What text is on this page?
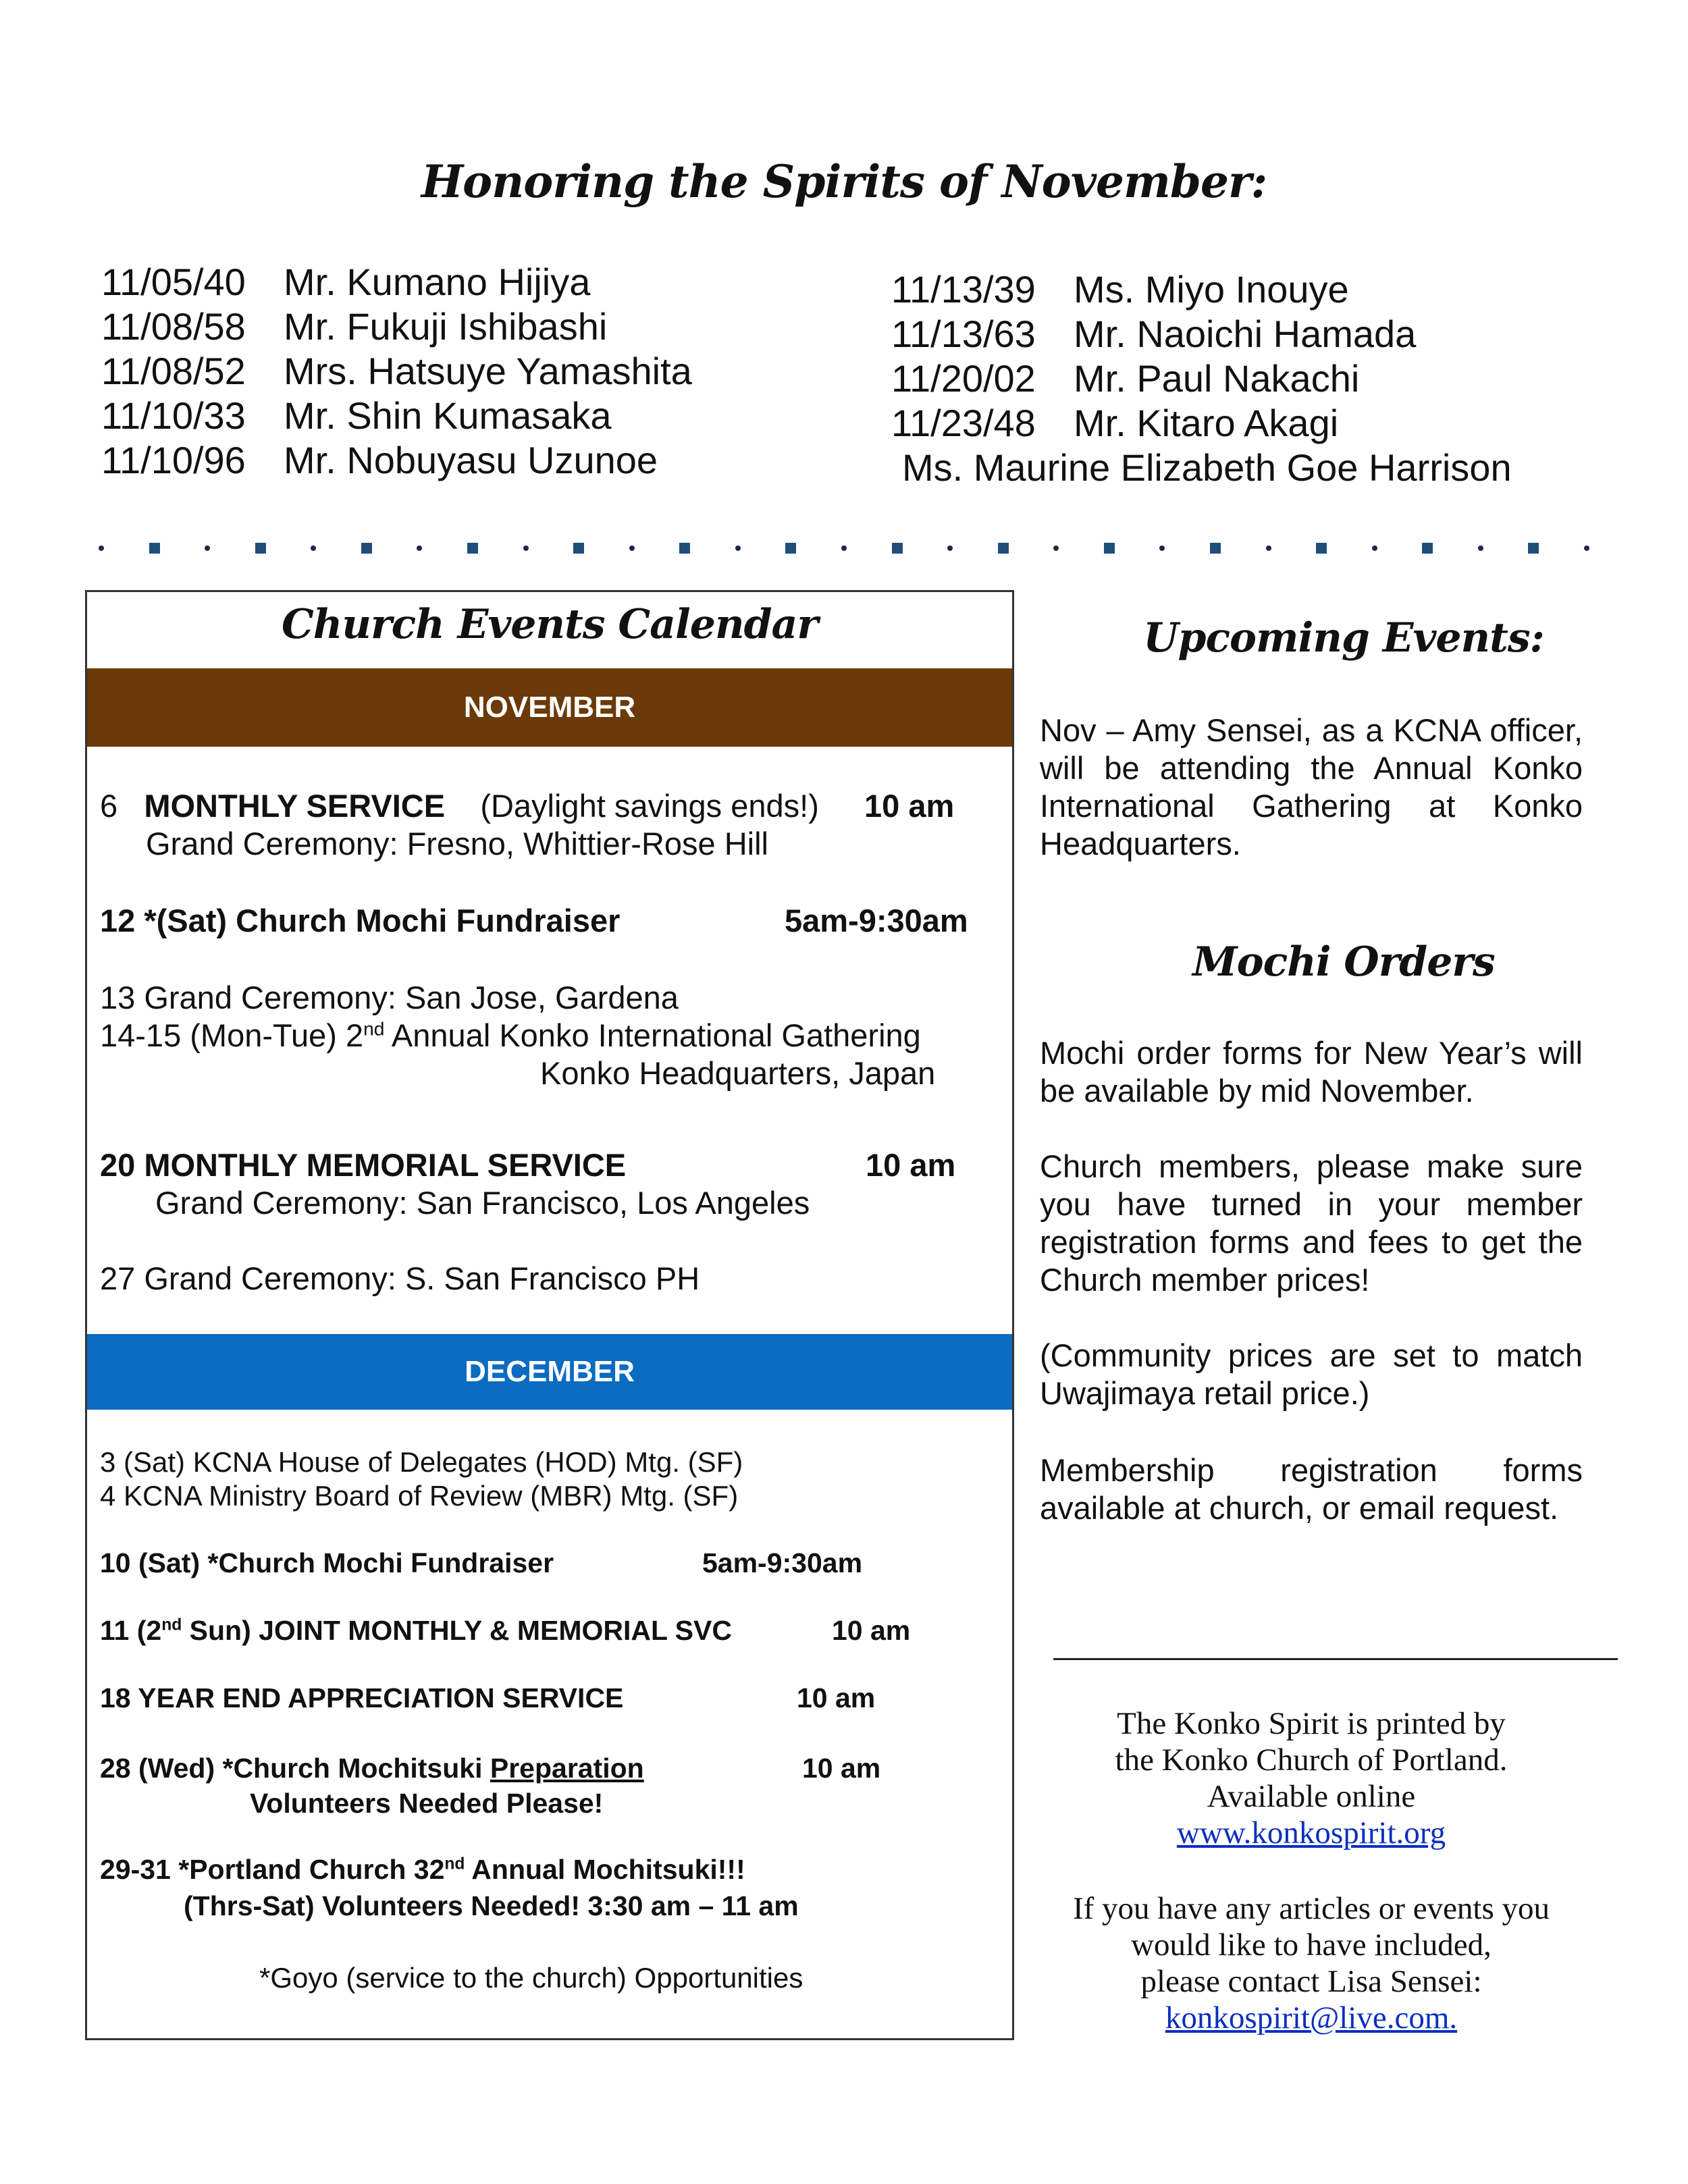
Honoring the Spirits of November:
11/05/40 Mr. Kumano Hijiya
11/08/58 Mr. Fukuji Ishibashi
11/08/52 Mrs. Hatsuye Yamashita
11/10/33 Mr. Shin Kumasaka
11/10/96 Mr. Nobuyasu Uzunoe
11/13/39 Ms. Miyo Inouye
11/13/63 Mr. Naoichi Hamada
11/20/02 Mr. Paul Nakachi
11/23/48 Mr. Kitaro Akagi
Ms. Maurine Elizabeth Goe Harrison
Church Events Calendar
NOVEMBER
6 MONTHLY SERVICE (Daylight savings ends!) 10 am
Grand Ceremony: Fresno, Whittier-Rose Hill
12 *(Sat) Church Mochi Fundraiser	5am-9:30am
13 Grand Ceremony: San Jose, Gardena
14-15 (Mon-Tue) 2nd Annual Konko International Gathering
Konko Headquarters, Japan
20 MONTHLY MEMORIAL SERVICE	10 am
Grand Ceremony: San Francisco, Los Angeles
27 Grand Ceremony: S. San Francisco PH
DECEMBER
3 (Sat) KCNA House of Delegates (HOD) Mtg. (SF)
4 KCNA Ministry Board of Review (MBR) Mtg. (SF)
10 (Sat) *Church Mochi Fundraiser	5am-9:30am
11 (2nd Sun) JOINT MONTHLY & MEMORIAL SVC	10 am
18 YEAR END APPRECIATION SERVICE	10 am
28 (Wed) *Church Mochitsuki Preparation	10 am
Volunteers Needed Please!
29-31 *Portland Church 32nd Annual Mochitsuki!!!
(Thrs-Sat) Volunteers Needed! 3:30 am – 11 am
*Goyo (service to the church) Opportunities
Upcoming Events:
Nov – Amy Sensei, as a KCNA officer, will be attending the Annual Konko International Gathering at Konko Headquarters.
Mochi Orders
Mochi order forms for New Year’s will be available by mid November.
Church members, please make sure you have turned in your member registration forms and fees to get the Church member prices!
(Community prices are set to match Uwajimaya retail price.)
Membership registration forms available at church, or email request.
The Konko Spirit is printed by
the Konko Church of Portland.
Available online
www.konkospirit.org
If you have any articles or events you
would like to have included,
please contact Lisa Sensei:
konkospirit@live.com.
